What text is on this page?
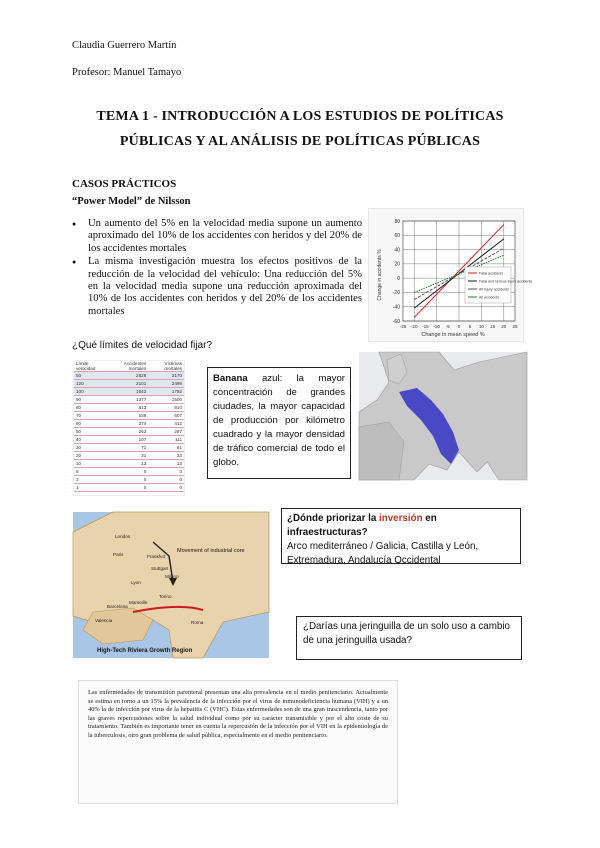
Claudia Guerrero Martín
Profesor: Manuel Tamayo
TEMA 1 - INTRODUCCIÓN A LOS ESTUDIOS DE POLÍTICAS
PÚBLICAS Y AL ANÁLISIS DE POLÍTICAS PÚBLICAS
CASOS PRÁCTICOS
“Power Model” de Nilsson
● Un aumento del 5% en la velocidad media supone un aumento aproximado del 10% de los accidentes con heridos y del 20% de los accidentes mortales
● La misma investigación muestra los efectos positivos de la reducción de la velocidad del vehículo: Una reducción del 5% en la velocidad media supone una reducción aproximada del 10% de los accidentes con heridos y del 20% de los accidentes mortales
80
60
40
20
0
-20
-40
-60
-25 -20 -15 -10 -5 0 5 10 15 20 25
Change in accidents %
Change in mean speed %
Fatal accidents
Fatal and serious injury accidents
All injury accidents
All accidents
¿Qué límites de velocidad fijar?
Límite velocidad	Accidentes mortales	Víctimas mortales
50	2828	3170
120	2101	2499
100	1642	1792
90	1377	1500
80	813	910
70	539	607
60	374	412
50	263	287
40	107	111
30	71	81
20	31	33
10	13	13
5	0	0
3	0	0
1	0	0
Banana azul: la mayor concentración de grandes ciudades, la mayor capacidad de producción por kilómetro cuadrado y la mayor densidad de tráfico comercial de todo el globo.
Movement of industrial core
High-Tech Riviera Growth Region
London
Paris	Frankfurt
Stuttgart
Lyon
Milano
Barcelona
Valencia
Marseille
Torino
Roma
¿Dónde priorizar la inversión en infraestructuras?
Arco mediterráneo / Galicia, Castilla y León, Extremadura, Andalucía Occidental
¿Darías una jeringuilla de un solo uso a cambio de una jeringuilla usada?

Las enfermedades de transmisión parenteral presentan una alta prevalencia en el medio penitenciario. Actualmente se estima en torno a un 15% la prevalencia de la infección por el virus de inmunodeficiencia humana (VIH) y a un 40% la de infección por virus de la hepatitis C (VHC). Estas enfermedades son de una gran trascendencia, tanto por las graves repercusiones sobre la salud individual como por su carácter transmisible y por el alto coste de su tratamiento. También es importante tener en cuenta la repercusión de la infección por el VIH en la epidemiología de la tuberculosis, otro gran problema de salud pública, especialmente en el medio penitenciario.
